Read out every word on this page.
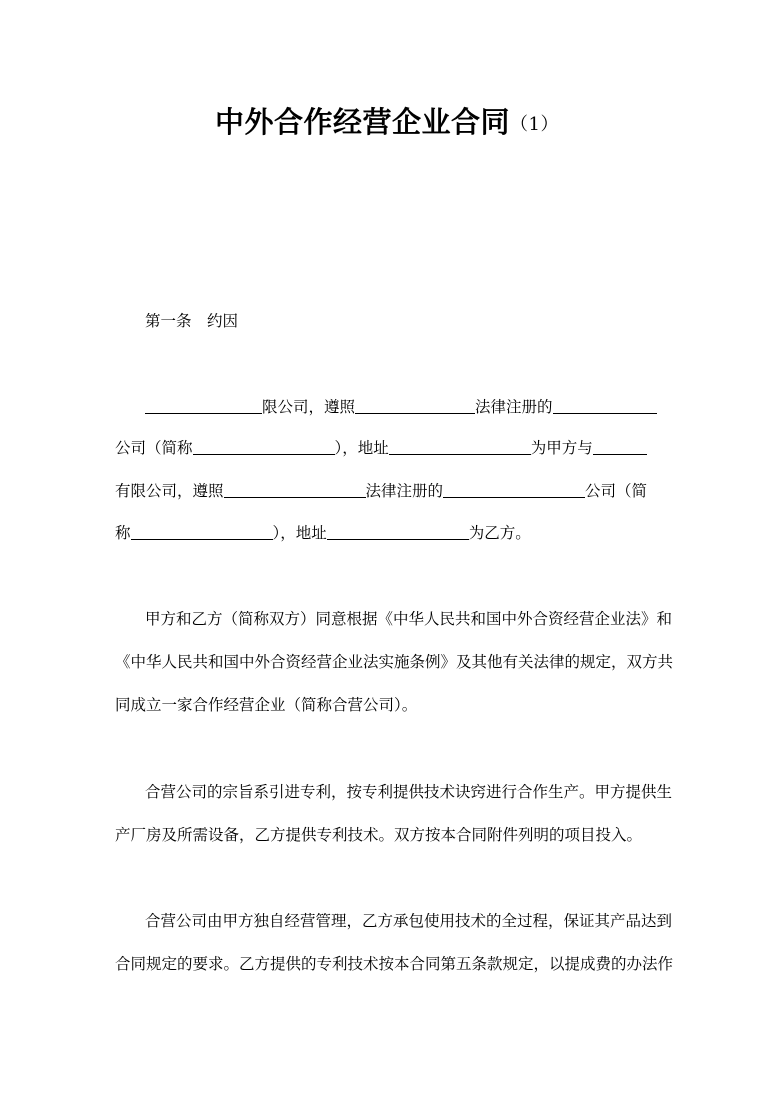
中外合作经营企业合同（1）
第一条　约因
限公司，遵照	法律注册的
公司（简称	），地址	为甲方与
有限公司，遵照	法律注册的	公司（简
称	），地址	为乙方。
甲方和乙方（简称双方）同意根据《中华人民共和国中外合资经营企业法》和
《中华人民共和国中外合资经营企业法实施条例》及其他有关法律的规定，双方共
同成立一家合作经营企业（简称合营公司）。
合营公司的宗旨系引进专利，按专利提供技术诀窍进行合作生产。甲方提供生
产厂房及所需设备，乙方提供专利技术。双方按本合同附件列明的项目投入。
合营公司由甲方独自经营管理，乙方承包使用技术的全过程，保证其产品达到
合同规定的要求。乙方提供的专利技术按本合同第五条款规定，以提成费的办法作
